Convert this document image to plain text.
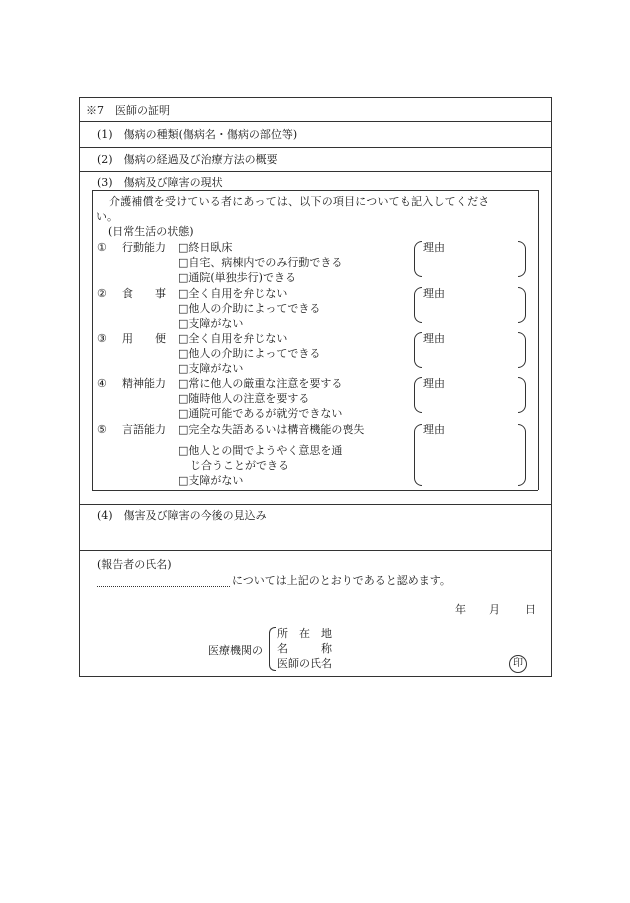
※7　医師の証明
(1)　傷病の種類(傷病名・傷病の部位等)
(2)　傷病の経過及び治療方法の概要
(3)　傷病及び障害の現状
介護補償を受けている者にあっては、以下の項目についても記入してくださ
い。
(日常生活の状態)
① 行動能力 □終日臥床
□自宅、病棟内でのみ行動できる
□通院(単独歩行)できる
理由
② 食　　事 □全く自用を弁じない
□他人の介助によってできる
□支障がない
理由
③ 用　　便 □全く自用を弁じない
□他人の介助によってできる
□支障がない
理由
④ 精神能力 □常に他人の厳重な注意を要する
□随時他人の注意を要する
□通院可能であるが就労できない
理由
⑤ 言語能力 □完全な失語あるいは構音機能の喪失
□他人との間でようやく意思を通
じ合うことができる
□支障がない
理由
(4)　傷害及び障害の今後の見込み
(報告者の氏名)
については上記のとおりであると認めます。
年 月 日
医療機関の
所　在　地
名　　　称
医師の氏名	印
